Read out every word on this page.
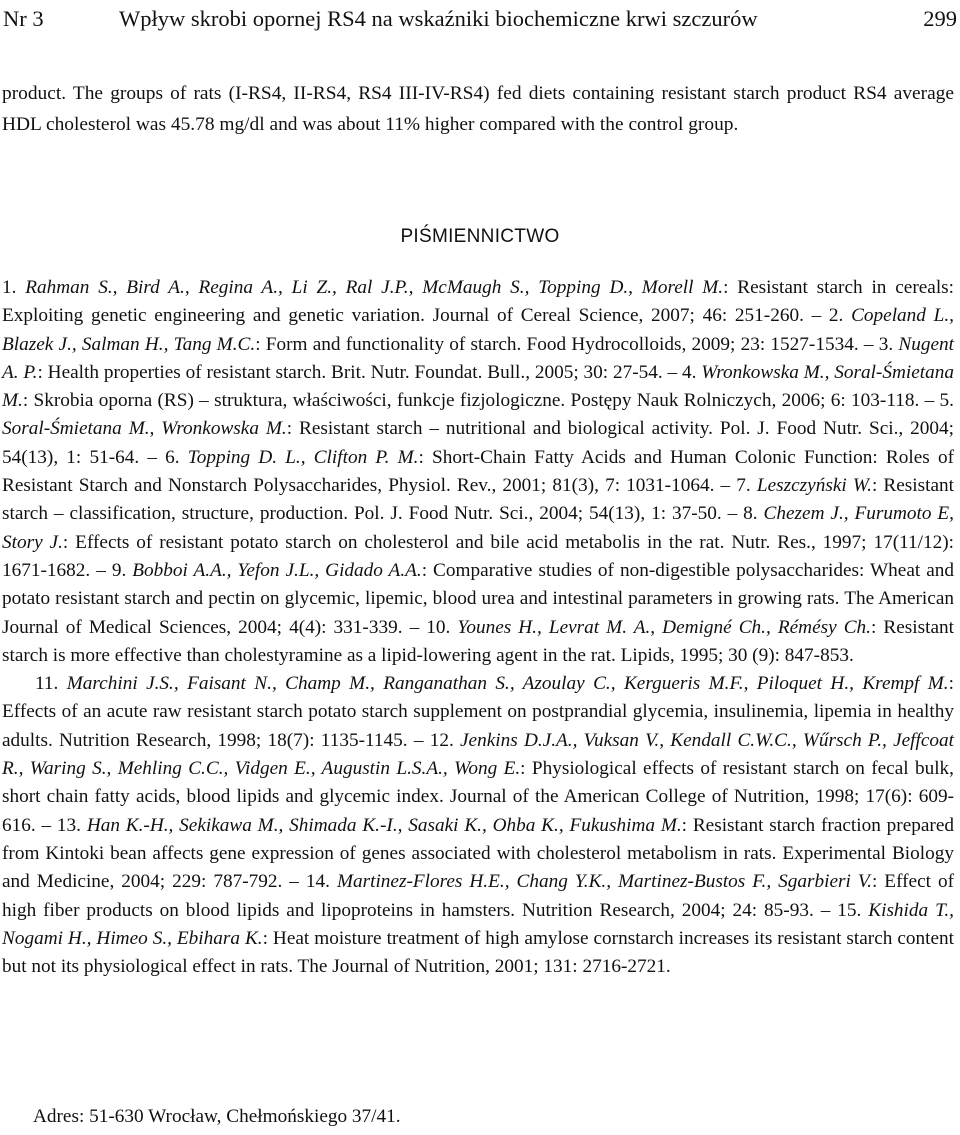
Nr 3	Wpływ skrobi opornej RS4 na wskaźniki biochemiczne krwi szczurów	299
product. The groups of rats (I-RS4, II-RS4, RS4 III-IV-RS4) fed diets containing resistant starch product RS4 average HDL cholesterol was 45.78 mg/dl and was about 11% higher compared with the control group.
PIŚMIENNICTWO

1. Rahman S., Bird A., Regina A., Li Z., Ral J.P., McMaugh S., Topping D., Morell M.: Resistant starch in cereals: Exploiting genetic engineering and genetic variation. Journal of Cereal Science, 2007; 46: 251-260. – 2. Copeland L., Blazek J., Salman H., Tang M.C.: Form and functionality of starch. Food Hydrocolloids, 2009; 23: 1527-1534. – 3. Nugent A. P.: Health properties of resistant starch. Brit. Nutr. Foundat. Bull., 2005; 30: 27-54. – 4. Wronkowska M., Soral-Śmietana M.: Skrobia oporna (RS) – struktura, właściwości, funkcje fizjologiczne. Postępy Nauk Rolniczych, 2006; 6: 103-118. – 5. Soral-Śmietana M., Wronkowska M.: Resistant starch – nutritional and biological activity. Pol. J. Food Nutr. Sci., 2004; 54(13), 1: 51-64. – 6. Topping D. L., Clifton P. M.: Short-Chain Fatty Acids and Human Colonic Function: Roles of Resistant Starch and Nonstarch Polysaccharides, Physiol. Rev., 2001; 81(3), 7: 1031-1064. – 7. Leszczyński W.: Resistant starch – classification, structure, production. Pol. J. Food Nutr. Sci., 2004; 54(13), 1: 37-50. – 8. Chezem J., Furumoto E, Story J.: Effects of resistant potato starch on cholesterol and bile acid metabolis in the rat. Nutr. Res., 1997; 17(11/12): 1671-1682. – 9. Bobboi A.A., Yefon J.L., Gidado A.A.: Comparative studies of non-digestible polysaccharides: Wheat and potato resistant starch and pectin on glycemic, lipemic, blood urea and intestinal parameters in growing rats. The American Journal of Medical Sciences, 2004; 4(4): 331-339. – 10. Younes H., Levrat M. A., Demigné Ch., Rémésy Ch.: Resistant starch is more effective than cholestyramine as a lipid-lowering agent in the rat. Lipids, 1995; 30 (9): 847-853.

11. Marchini J.S., Faisant N., Champ M., Ranganathan S., Azoulay C., Kergueris M.F., Piloquet H., Krempf M.: Effects of an acute raw resistant starch potato starch supplement on postprandial glycemia, insulinemia, lipemia in healthy adults. Nutrition Research, 1998; 18(7): 1135-1145. – 12. Jenkins D.J.A., Vuksan V., Kendall C.W.C., Wűrsch P., Jeffcoat R., Waring S., Mehling C.C., Vidgen E., Augustin L.S.A., Wong E.: Physiological effects of resistant starch on fecal bulk, short chain fatty acids, blood lipids and glycemic index. Journal of the American College of Nutrition, 1998; 17(6): 609-616. – 13. Han K.-H., Sekikawa M., Shimada K.-I., Sasaki K., Ohba K., Fukushima M.: Resistant starch fraction prepared from Kintoki bean affects gene expression of genes associated with cholesterol metabolism in rats. Experimental Biology and Medicine, 2004; 229: 787-792. – 14. Martinez-Flores H.E., Chang Y.K., Martinez-Bustos F., Sgarbieri V.: Effect of high fiber products on blood lipids and lipoproteins in hamsters. Nutrition Research, 2004; 24: 85-93. – 15. Kishida T., Nogami H., Himeo S., Ebihara K.: Heat moisture treatment of high amylose cornstarch increases its resistant starch content but not its physiological effect in rats. The Journal of Nutrition, 2001; 131: 2716-2721.

Adres: 51-630 Wrocław, Chełmońskiego 37/41.
